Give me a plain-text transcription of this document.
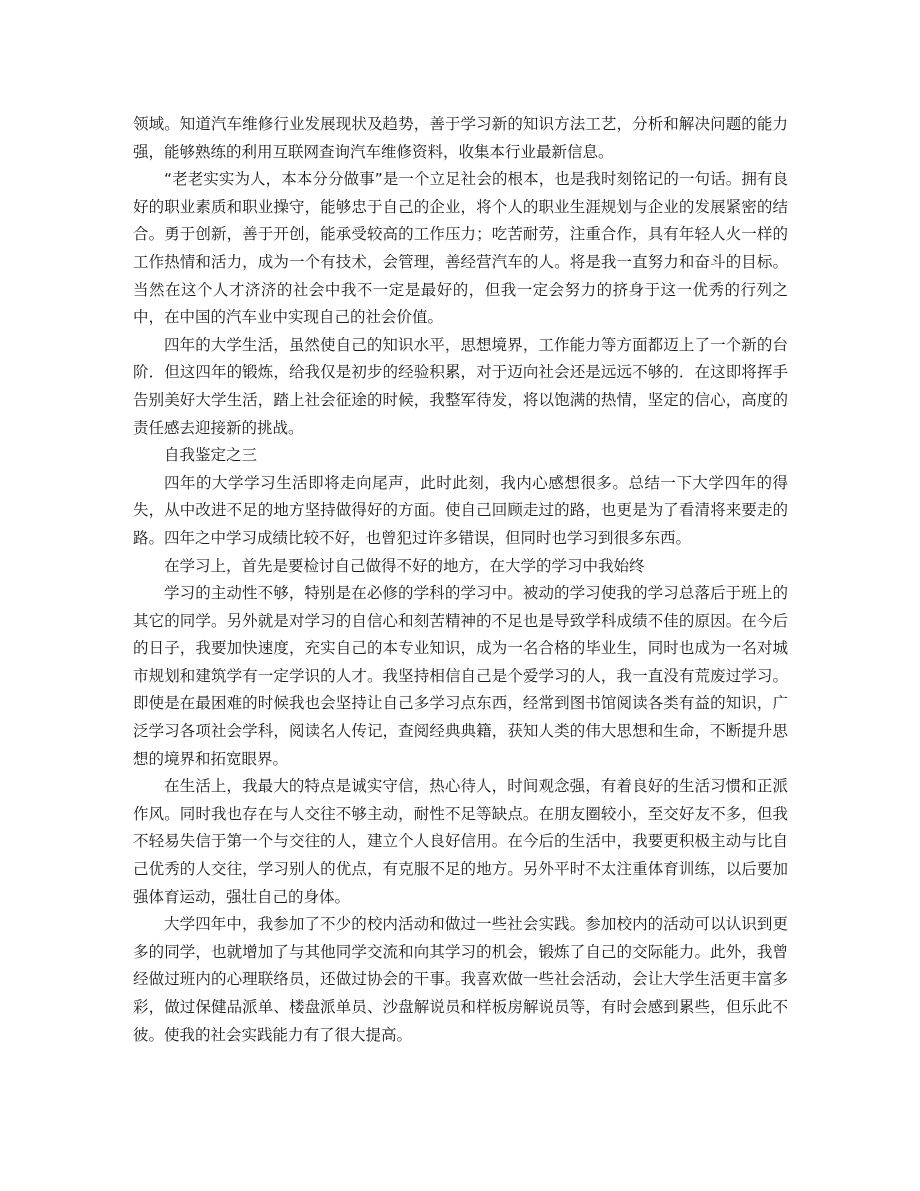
领域。知道汽车维修行业发展现状及趋势，善于学习新的知识方法工艺，分析和解决问题的能力强，能够熟练的利用互联网查询汽车维修资料，收集本行业最新信息。

“老老实实为人，本本分分做事”是一个立足社会的根本，也是我时刻铭记的一句话。拥有良好的职业素质和职业操守，能够忠于自己的企业，将个人的职业生涯规划与企业的发展紧密的结合。勇于创新，善于开创，能承受较高的工作压力；吃苦耐劳，注重合作，具有年轻人火一样的工作热情和活力，成为一个有技术，会管理，善经营汽车的人。将是我一直努力和奋斗的目标。当然在这个人才济济的社会中我不一定是最好的，但我一定会努力的挤身于这一优秀的行列之中，在中国的汽车业中实现自己的社会价值。

四年的大学生活，虽然使自己的知识水平，思想境界，工作能力等方面都迈上了一个新的台阶．但这四年的锻炼，给我仅是初步的经验积累，对于迈向社会还是远远不够的．在这即将挥手告别美好大学生活，踏上社会征途的时候，我整军待发，将以饱满的热情，坚定的信心，高度的责任感去迎接新的挑战。

自我鉴定之三

四年的大学学习生活即将走向尾声，此时此刻，我内心感想很多。总结一下大学四年的得失，从中改进不足的地方坚持做得好的方面。使自己回顾走过的路，也更是为了看清将来要走的路。四年之中学习成绩比较不好，也曾犯过许多错误，但同时也学习到很多东西。

在学习上，首先是要检讨自己做得不好的地方，在大学的学习中我始终

学习的主动性不够，特别是在必修的学科的学习中。被动的学习使我的学习总落后于班上的其它的同学。另外就是对学习的自信心和刻苦精神的不足也是导致学科成绩不佳的原因。在今后的日子，我要加快速度，充实自己的本专业知识，成为一名合格的毕业生，同时也成为一名对城市规划和建筑学有一定学识的人才。我坚持相信自己是个爱学习的人，我一直没有荒废过学习。即使是在最困难的时候我也会坚持让自己多学习点东西，经常到图书馆阅读各类有益的知识，广泛学习各项社会学科，阅读名人传记，查阅经典典籍，获知人类的伟大思想和生命，不断提升思想的境界和拓宽眼界。

在生活上，我最大的特点是诚实守信，热心待人，时间观念强，有着良好的生活习惯和正派作风。同时我也存在与人交往不够主动，耐性不足等缺点。在朋友圈较小，至交好友不多，但我不轻易失信于第一个与交往的人，建立个人良好信用。在今后的生活中，我要更积极主动与比自己优秀的人交往，学习别人的优点，有克服不足的地方。另外平时不太注重体育训练，以后要加强体育运动，强壮自己的身体。

大学四年中，我参加了不少的校内活动和做过一些社会实践。参加校内的活动可以认识到更多的同学，也就增加了与其他同学交流和向其学习的机会，锻炼了自己的交际能力。此外，我曾经做过班内的心理联络员，还做过协会的干事。我喜欢做一些社会活动，会让大学生活更丰富多彩，做过保健品派单、楼盘派单员、沙盘解说员和样板房解说员等，有时会感到累些，但乐此不彼。使我的社会实践能力有了很大提高。
